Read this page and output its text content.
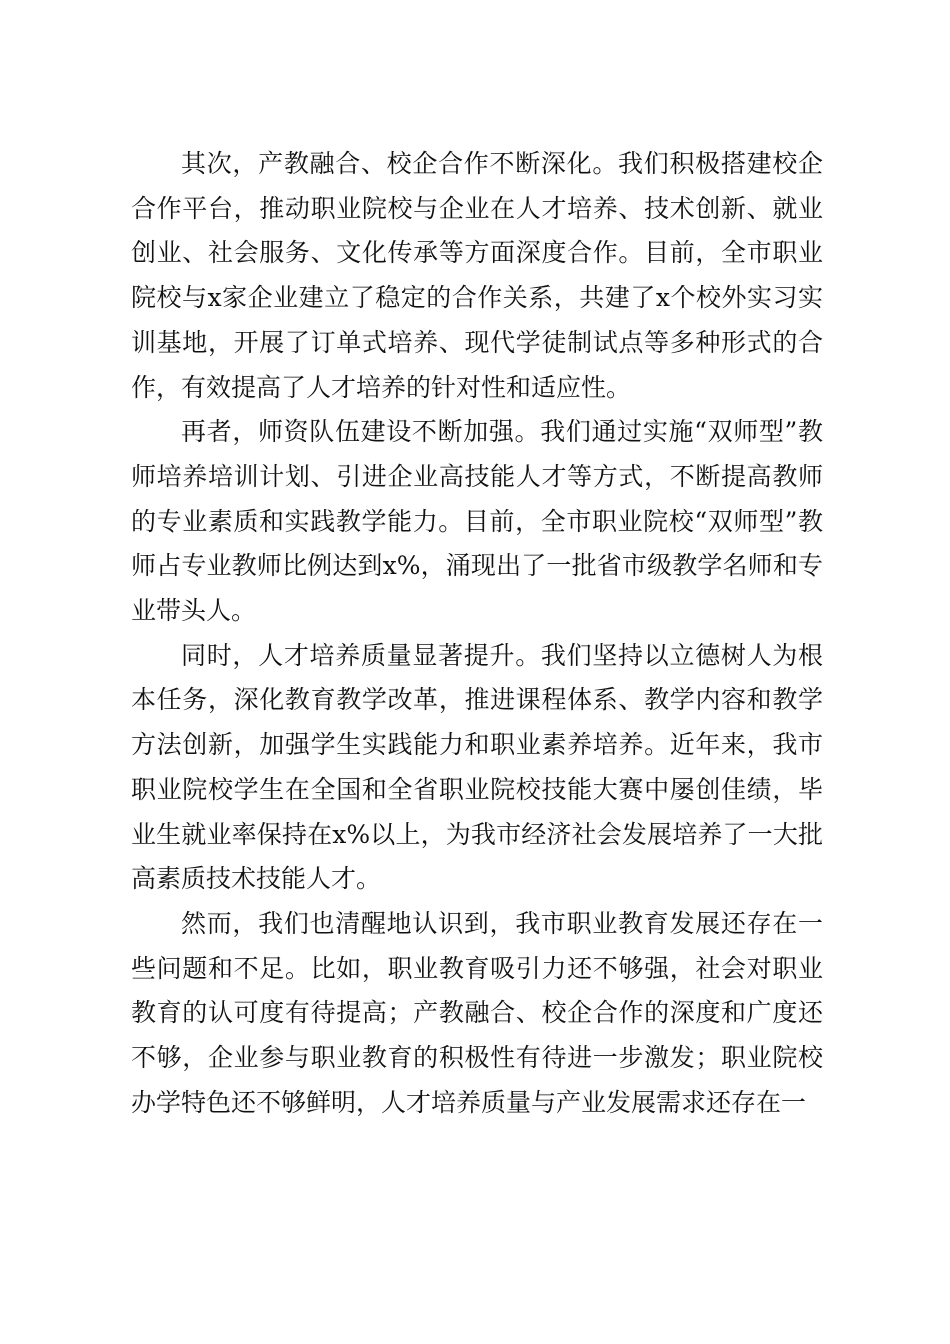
其次，产教融合、校企合作不断深化。我们积极搭建校企合作平台，推动职业院校与企业在人才培养、技术创新、就业创业、社会服务、文化传承等方面深度合作。目前，全市职业院校与x家企业建立了稳定的合作关系，共建了x个校外实习实训基地，开展了订单式培养、现代学徒制试点等多种形式的合作，有效提高了人才培养的针对性和适应性。

再者，师资队伍建设不断加强。我们通过实施“双师型”教师培养培训计划、引进企业高技能人才等方式，不断提高教师的专业素质和实践教学能力。目前，全市职业院校“双师型”教师占专业教师比例达到x%，涌现出了一批省市级教学名师和专业带头人。

同时，人才培养质量显著提升。我们坚持以立德树人为根本任务，深化教育教学改革，推进课程体系、教学内容和教学方法创新，加强学生实践能力和职业素养培养。近年来，我市职业院校学生在全国和全省职业院校技能大赛中屡创佳绩，毕业生就业率保持在x%以上，为我市经济社会发展培养了一大批高素质技术技能人才。

然而，我们也清醒地认识到，我市职业教育发展还存在一些问题和不足。比如，职业教育吸引力还不够强，社会对职业教育的认可度有待提高；产教融合、校企合作的深度和广度还不够，企业参与职业教育的积极性有待进一步激发；职业院校办学特色还不够鲜明，人才培养质量与产业发展需求还存在一
